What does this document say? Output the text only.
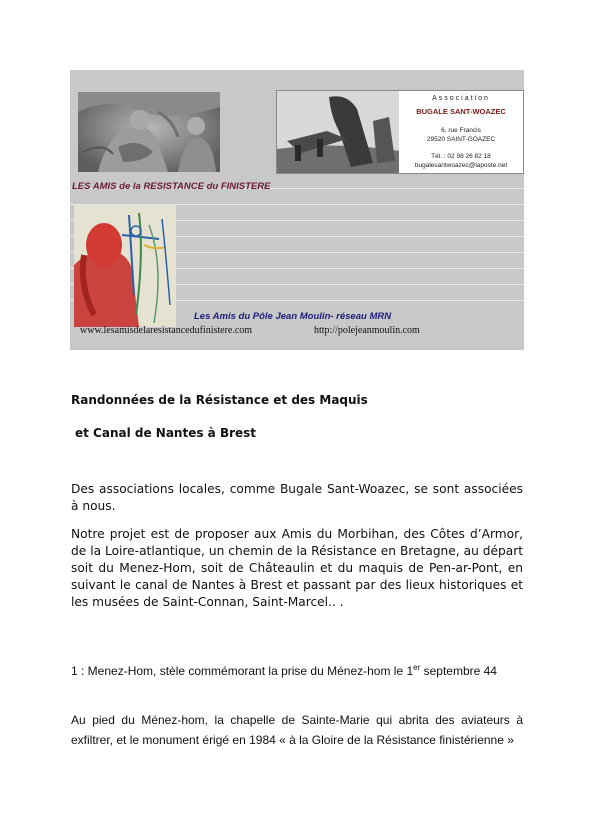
Association
BUGALE SANT-WOAZEC
6, rue Francis
29520 SAINT-GOAZEC
Tél. : 02 98 26 82 18
bugalesantwoazec@laposte.net
LES AMIS de la RESISTANCE du FINISTERE
Les Amis du Pôle Jean Moulin- réseau MRN
www.lesamisdelaresistancedufinistere.com	http://polejeanmoulin.com
Randonnées de la Résistance et des Maquis
et Canal de Nantes à Brest
Des associations locales, comme Bugale Sant-Woazec, se sont associées à nous.
Notre projet est de proposer aux Amis du Morbihan, des Côtes d’Armor, de la Loire-atlantique, un chemin de la Résistance en Bretagne, au départ soit du Menez-Hom, soit de Châteaulin et du maquis de Pen-ar-Pont, en suivant le canal de Nantes à Brest et passant par des lieux historiques et les musées de Saint-Connan, Saint-Marcel.. .
1 : Menez-Hom, stèle commémorant la prise du Ménez-hom le 1er septembre 44
Au pied du Ménez-hom, la chapelle de Sainte-Marie qui abrita des aviateurs à exfiltrer, et le monument érigé en 1984 « à la Gloire de la Résistance finistérienne »
